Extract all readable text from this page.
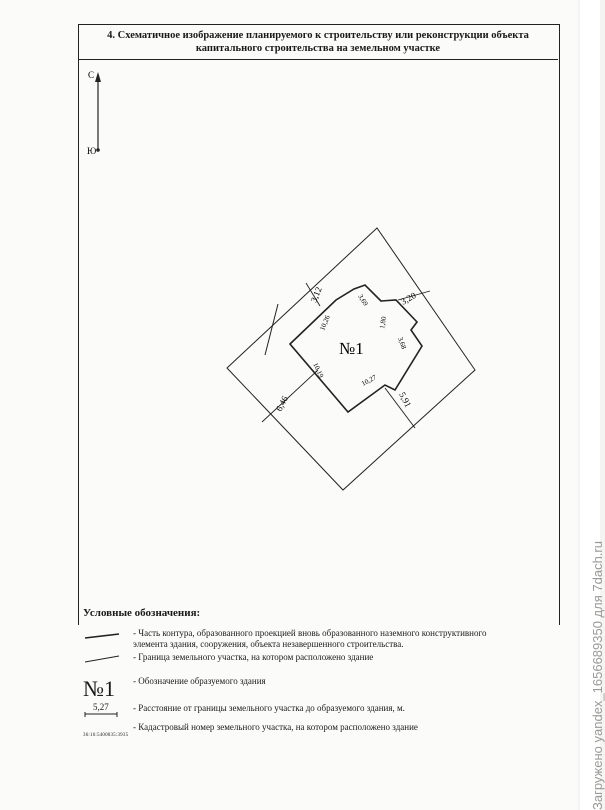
4. Схематичное изображение планируемого к строительству или реконструкции объекта
капитального строительства на земельном участке
С
Ю
№1
3,12	3,20
6,46	5,91
10,26
3,69
1,80
3,68
10,19
10,27
Условные обозначения:
- Часть контура, образованного проекцией вновь образованного наземного конструктивного элемента здания, сооружения, объекта незавершенного строительства.
- Граница земельного участка, на котором расположено здание
№1 - Обозначение образуемого здания
5,27	- Расстояние от границы земельного участка до образуемого здания, м.
36:16:5400035:3935
- Кадастровый номер земельного участка, на котором расположено здание	Загружено yandex_1656689350 для 7dach.ru
